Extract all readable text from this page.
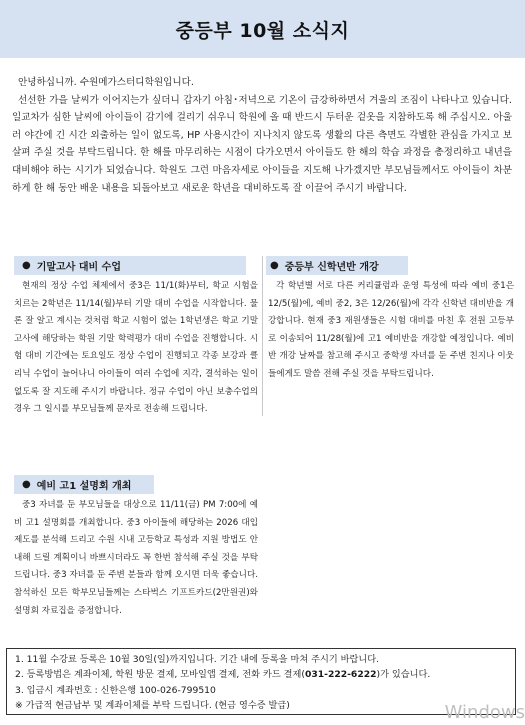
중등부 10월 소식지

안녕하십니까. 수원메가스터디학원입니다.

선선한 가을 날씨가 이어지는가 싶더니 갑자기 아침･저녁으로 기온이 급강하하면서 겨울의 조짐이 나타나고 있습니다. 일교차가 심한 날씨에 아이들이 감기에 걸리기 쉬우니 학원에 올 때 반드시 두터운 겉옷을 지참하도록 해 주십시오. 아울러 야간에 긴 시간 외출하는 일이 없도록, HP 사용시간이 지나치지 않도록 생활의 다른 측면도 각별한 관심을 가지고 보살펴 주실 것을 부탁드립니다. 한 해를 마무리하는 시점이 다가오면서 아이들도 한 해의 학습 과정을 총정리하고 내년을 대비해야 하는 시기가 되었습니다. 학원도 그런 마음자세로 아이들을 지도해 나가겠지만 부모님들께서도 아이들이 차분하게 한 해 동안 배운 내용을 되돌아보고 새로운 학년을 대비하도록 잘 이끌어 주시기 바랍니다.

● 기말고사 대비 수업

현재의 정상 수업 체제에서 중3은 11/1(화)부터, 학교 시험을 치르는 2학년은 11/14(월)부터 기말 대비 수업을 시작합니다. 물론 잘 알고 계시는 것처럼 학교 시험이 없는 1학년생은 학교 기말고사에 해당하는 학원 기말 학력평가 대비 수업을 진행합니다. 시험 대비 기간에는 토요일도 정상 수업이 진행되고 각종 보강과 클리닉 수업이 늘어나니 아이들이 여러 수업에 지각, 결석하는 일이 없도록 잘 지도해 주시기 바랍니다. 정규 수업이 아닌 보충수업의 경우 그 일시를 부모님들께 문자로 전송해 드립니다.

● 중등부 신학년반 개강

각 학년별 서로 다른 커리큘럼과 운영 특성에 따라 예비 중1은 12/5(월)에, 예비 중2, 3은 12/26(월)에 각각 신학년 대비반을 개강합니다. 현재 중3 재원생들은 시험 대비를 마친 후 전원 고등부로 이송되어 11/28(월)에 고1 예비반을 개강할 예정입니다. 예비반 개강 날짜를 참고해 주시고 중학생 자녀를 둔 주변 친지나 이웃들에게도 말씀 전해 주실 것을 부탁드립니다.

● 예비 고1 설명회 개최

중3 자녀를 둔 부모님들을 대상으로 11/11(금) PM 7:00에 예비 고1 설명회를 개최합니다. 중3 아이들에 해당하는 2026 대입 제도를 분석해 드리고 수원 시내 고등학교 특성과 지원 방법도 안내해 드릴 계획이니 바쁘시더라도 꼭 한번 참석해 주실 것을 부탁드립니다. 중3 자녀를 둔 주변 분들과 함께 오시면 더욱 좋습니다. 참석하신 모든 학부모님들께는 스타벅스 기프트카드(2만원권)와 설명회 자료집을 증정합니다.

1. 11월 수강료 등록은 10월 30일(일)까지입니다. 기간 내에 등록을 마쳐 주시기 바랍니다.
2. 등록방법은 계좌이체, 학원 방문 결제, 모바일앱 결제, 전화 카드 결제(031-222-6222)가 있습니다.
3. 입금시 계좌번호 : 신한은행 100-026-799510
※ 가급적 현금납부 및 계좌이체를 부탁 드립니다. (현금 영수증 발급)	Windows
